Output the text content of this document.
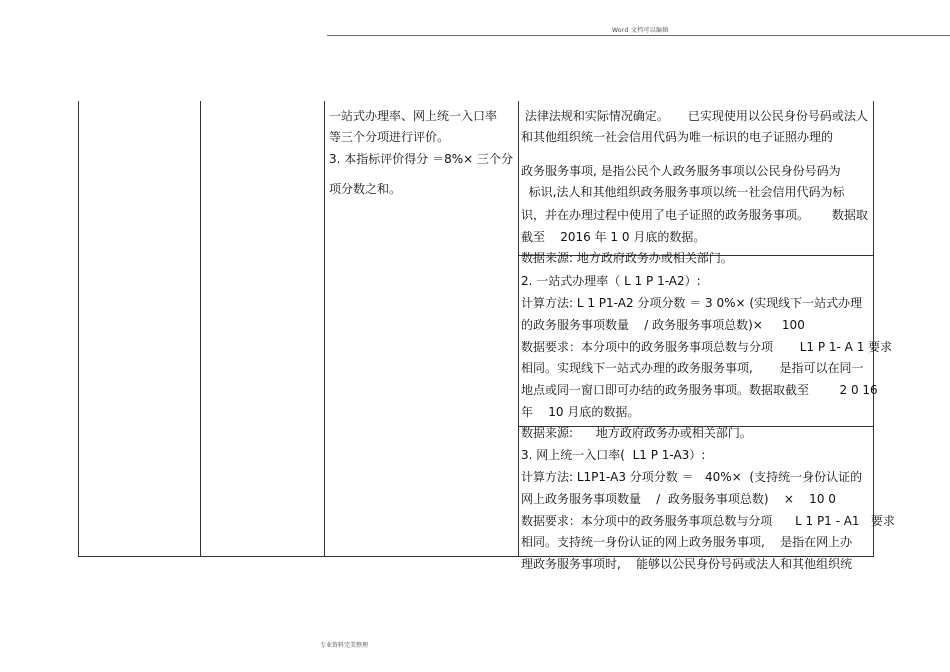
Word 文档可以编辑
一站式办理率、网上统一入口率
等三个分项进行评价。
3. 本指标评价得分 ＝8%× 三个分
项分数之和。
法律法规和实际情况确定。     已实现使用以公民身份号码或法人
和其他组织统一社会信用代码为唯一标识的电子证照办理的
政务服务事项, 是指公民个人政务服务事项以公民身份号码为
标识,法人和其他组织政务服务事项以统一社会信用代码为标
识，并在办理过程中使用了电子证照的政务服务事项。      数据取
截至    2016 年 1 0 月底的数据。
数据来源: 地方政府政务办或相关部门。
2. 一站式办理率（ L 1 P 1-A2）:
计算方法: L 1 P1-A2 分项分数 ＝ 3 0%× (实现线下一站式办理
的政务服务事项数量    / 政务服务事项总数)×     100
数据要求：本分项中的政务服务事项总数与分项       L1 P 1- A 1 要求
相同。实现线下一站式办理的政务服务事项,       是指可以在同一
地点或同一窗口即可办结的政务服务事项。数据取截至        2 0 16
年    10 月底的数据。
数据来源:      地方政府政务办或相关部门。
3. 网上统一入口率(  L1 P 1-A3）:
计算方法: L1P1-A3 分项分数 ＝   40%×  (支持统一身份认证的
网上政务服务事项数量    /  政务服务事项总数)    ×    10 0
数据要求：本分项中的政务服务事项总数与分项      L 1 P1 - A1   要求
相同。支持统一身份认证的网上政务服务事项,    是指在网上办
理政务服务事项时,    能够以公民身份号码或法人和其他组织统
专业资料完美整理
